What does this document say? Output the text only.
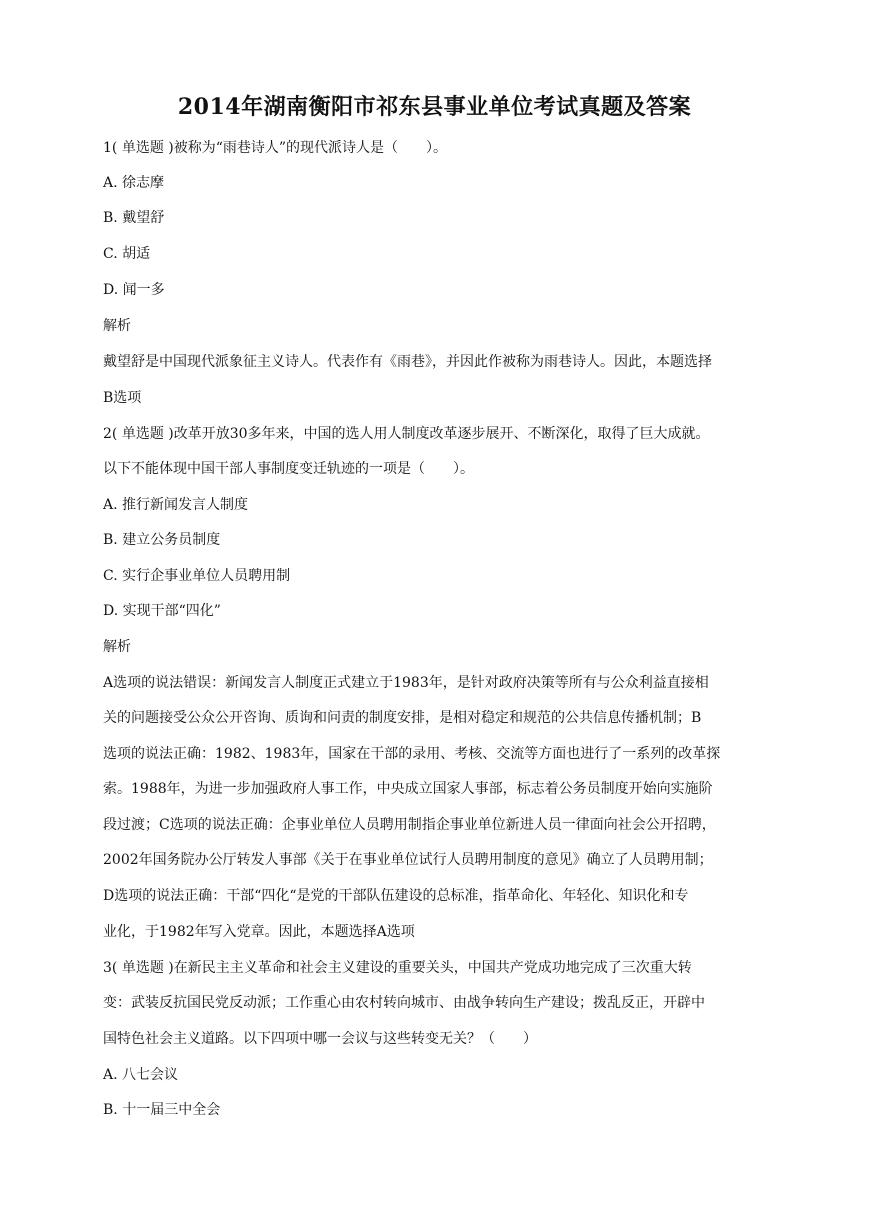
2014年湖南衡阳市祁东县事业单位考试真题及答案
1( 单选题 )被称为“雨巷诗人”的现代派诗人是（　　）。
A. 徐志摩
B. 戴望舒
C. 胡适
D. 闻一多
解析
戴望舒是中国现代派象征主义诗人。代表作有《雨巷》，并因此作被称为雨巷诗人。因此，本题选择
B选项
2( 单选题 )改革开放30多年来，中国的选人用人制度改革逐步展开、不断深化，取得了巨大成就。
以下不能体现中国干部人事制度变迁轨迹的一项是（　　）。
A. 推行新闻发言人制度
B. 建立公务员制度
C. 实行企事业单位人员聘用制
D. 实现干部“四化”
解析
A选项的说法错误：新闻发言人制度正式建立于1983年，是针对政府决策等所有与公众利益直接相
关的问题接受公众公开咨询、质询和问责的制度安排，是相对稳定和规范的公共信息传播机制；B
选项的说法正确：1982、1983年，国家在干部的录用、考核、交流等方面也进行了一系列的改革探
索。1988年，为进一步加强政府人事工作，中央成立国家人事部，标志着公务员制度开始向实施阶
段过渡；C选项的说法正确：企事业单位人员聘用制指企事业单位新进人员一律面向社会公开招聘，
2002年国务院办公厅转发人事部《关于在事业单位试行人员聘用制度的意见》确立了人员聘用制；
D选项的说法正确：干部“四化“是党的干部队伍建设的总标准，指革命化、年轻化、知识化和专
业化，于1982年写入党章。因此，本题选择A选项
3( 单选题 )在新民主主义革命和社会主义建设的重要关头，中国共产党成功地完成了三次重大转
变：武装反抗国民党反动派；工作重心由农村转向城市、由战争转向生产建设；拨乱反正，开辟中
国特色社会主义道路。以下四项中哪一会议与这些转变无关？（　　）
A. 八七会议
B. 十一届三中全会
